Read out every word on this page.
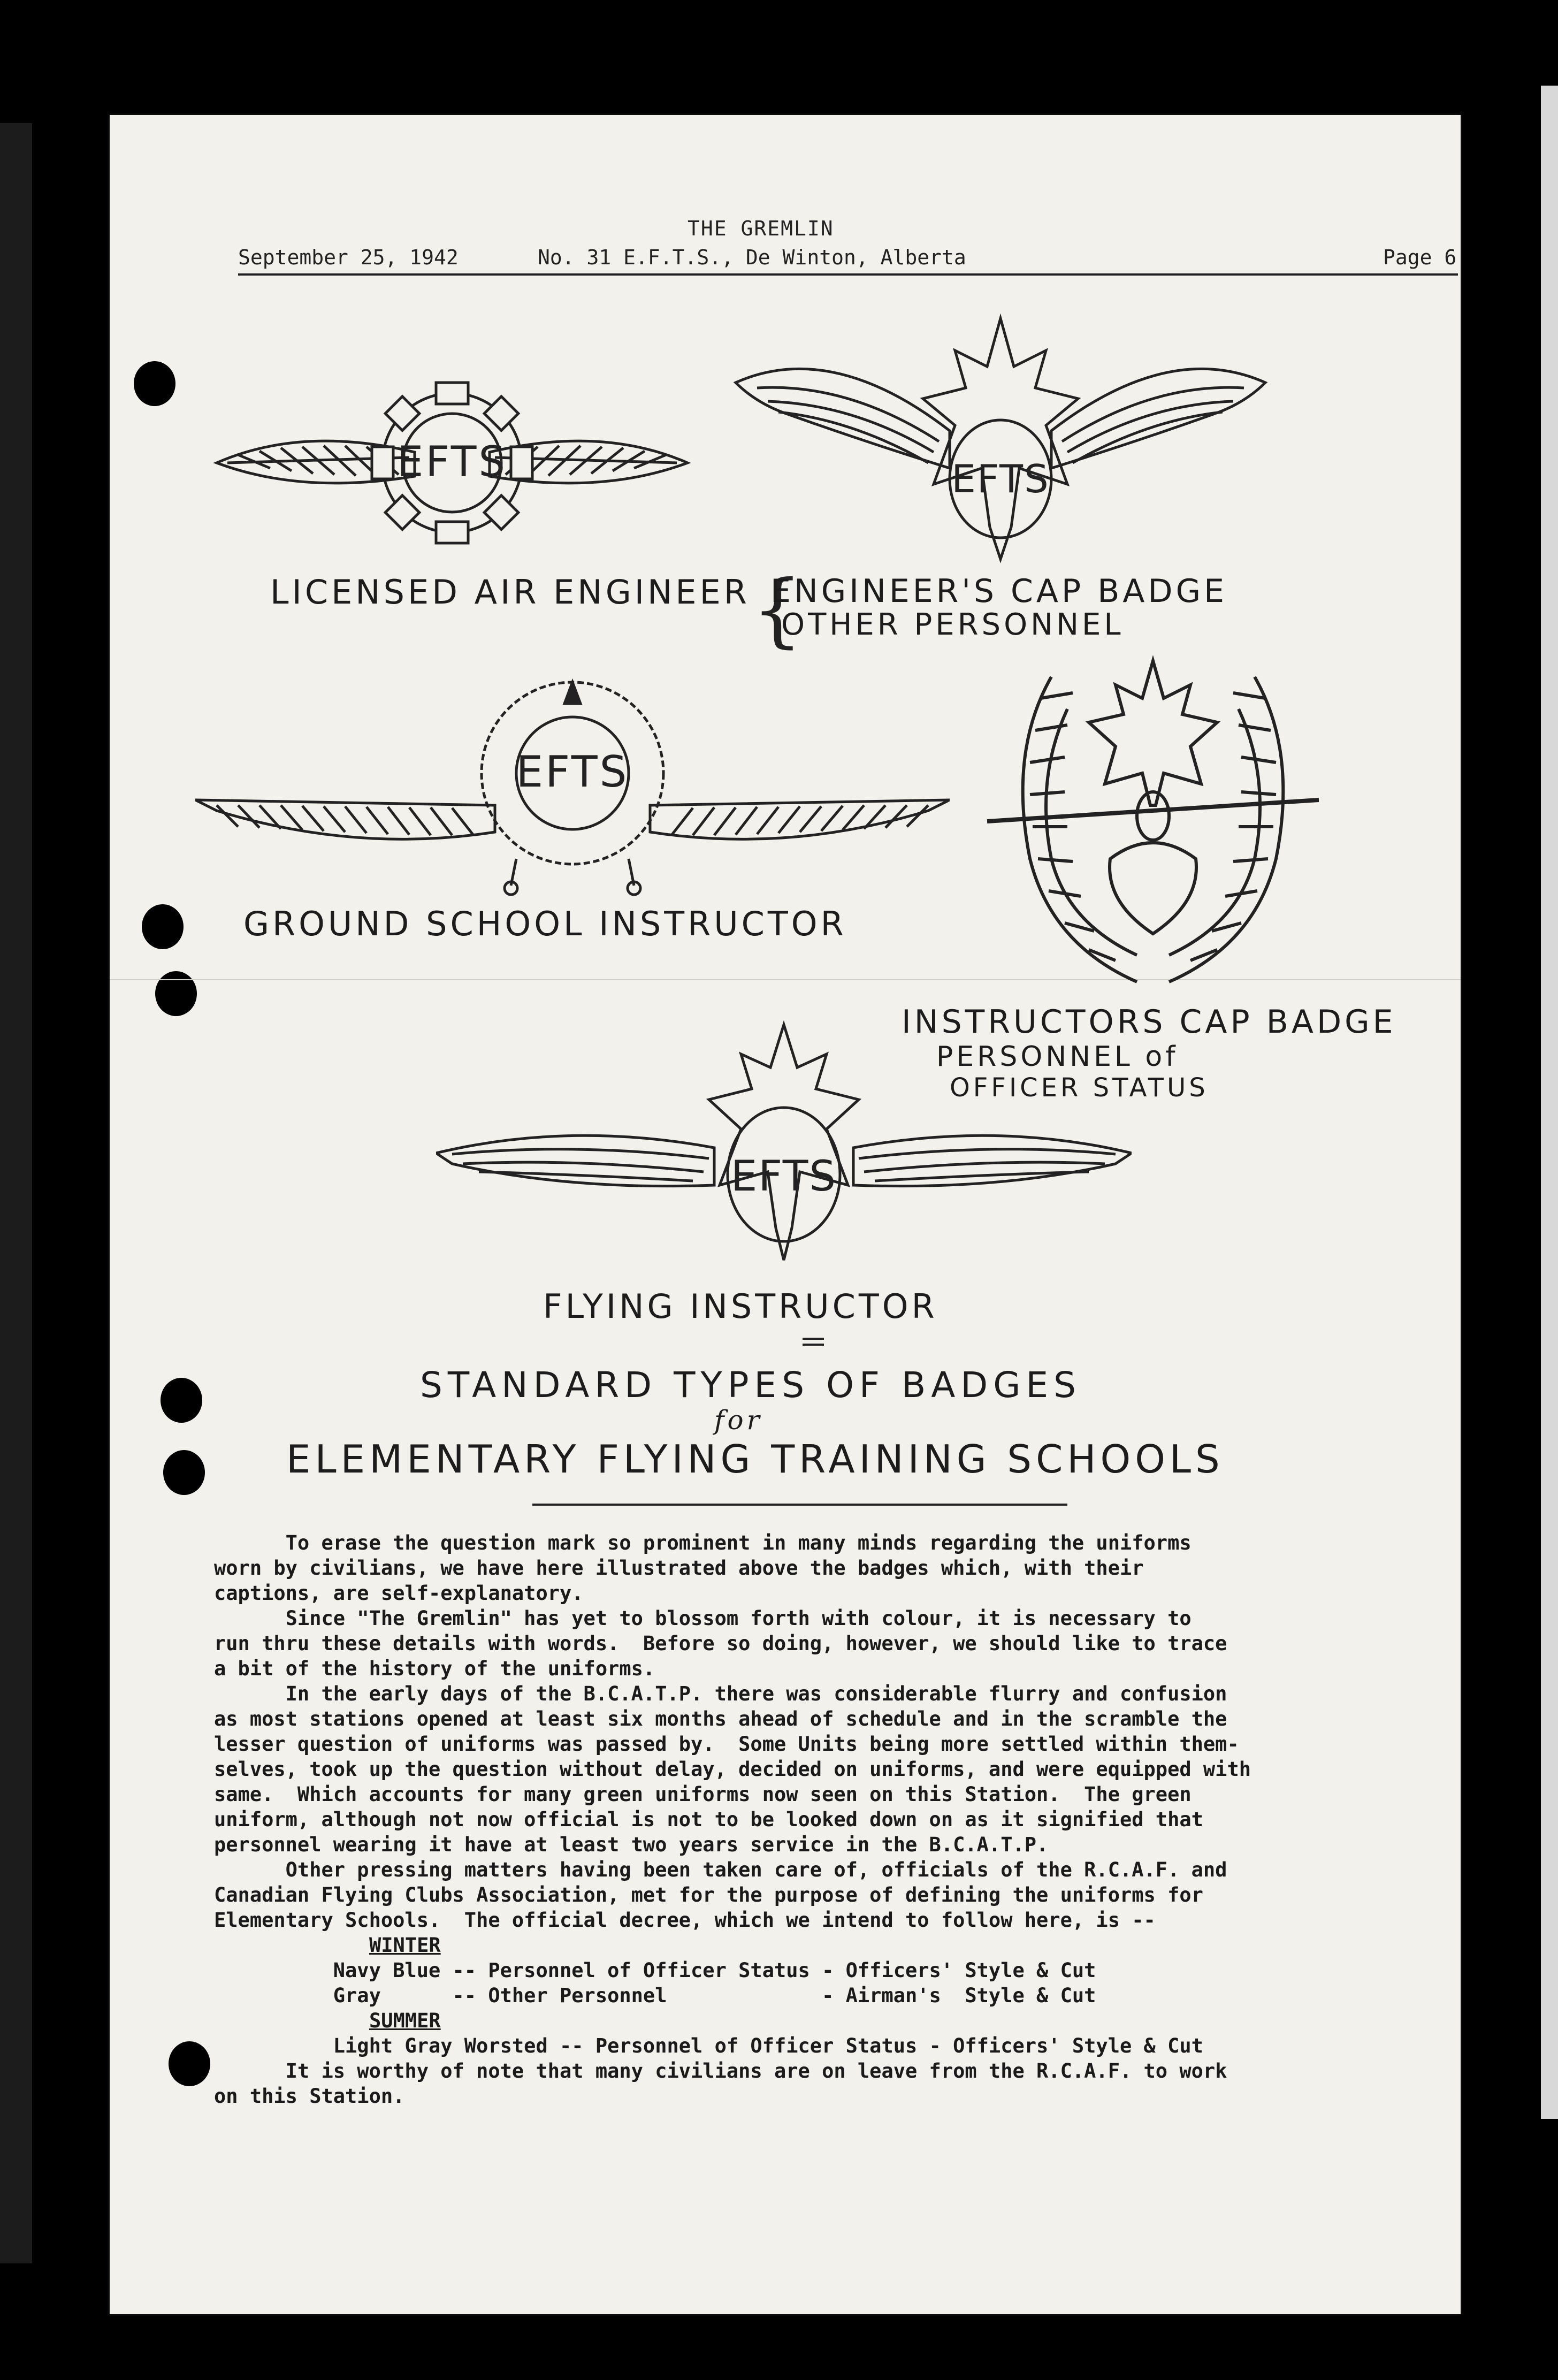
THE GREMLIN
September 25, 1942	No. 31 E.F.T.S., De Winton, Alberta	Page 6
EFTS
LICENSED AIR ENGINEER
EFTS
{
ENGINEER'S CAP BADGE
OTHER PERSONNEL
EFTS
GROUND SCHOOL INSTRUCTOR
INSTRUCTORS CAP BADGE
PERSONNEL of
OFFICER STATUS
EFTS
FLYING INSTRUCTOR
STANDARD TYPES OF BADGES
for
ELEMENTARY FLYING TRAINING SCHOOLS

To erase the question mark so prominent in many minds regarding the uniforms

worn by civilians, we have here illustrated above the badges which, with their

captions, are self-explanatory.

Since "The Gremlin" has yet to blossom forth with colour, it is necessary to

run thru these details with words.  Before so doing, however, we should like to trace

a bit of the history of the uniforms.

In the early days of the B.C.A.T.P. there was considerable flurry and confusion

as most stations opened at least six months ahead of schedule and in the scramble the

lesser question of uniforms was passed by.  Some Units being more settled within them-

selves, took up the question without delay, decided on uniforms, and were equipped with

same.  Which accounts for many green uniforms now seen on this Station.  The green

uniform, although not now official is not to be looked down on as it signified that

personnel wearing it have at least two years service in the B.C.A.T.P.

Other pressing matters having been taken care of, officials of the R.C.A.F. and

Canadian Flying Clubs Association, met for the purpose of defining the uniforms for

Elementary Schools.  The official decree, which we intend to follow here, is --

WINTER

Navy Blue -- Personnel of Officer Status - Officers' Style & Cut

Gray      -- Other Personnel             - Airman's  Style & Cut

SUMMER

Light Gray Worsted -- Personnel of Officer Status - Officers' Style & Cut

It is worthy of note that many civilians are on leave from the R.C.A.F. to work

on this Station.
